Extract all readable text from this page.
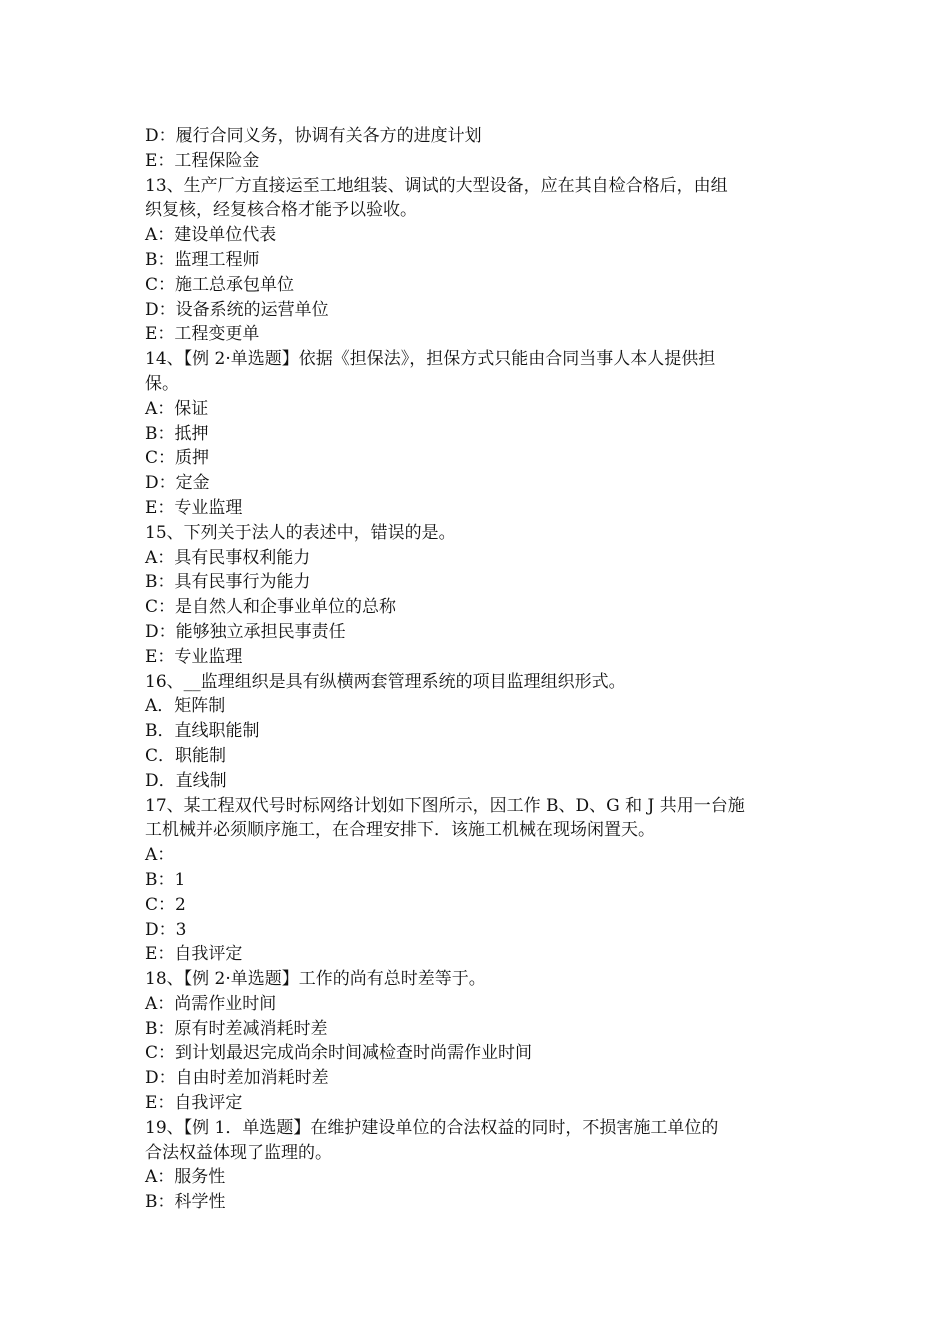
D：履行合同义务，协调有关各方的进度计划
E：工程保险金
13、生产厂方直接运至工地组装、调试的大型设备，应在其自检合格后，由组
织复核，经复核合格才能予以验收。
A：建设单位代表
B：监理工程师
C：施工总承包单位
D：设备系统的运营单位
E：工程变更单
14、【例 2·单选题】依据《担保法》，担保方式只能由合同当事人本人提供担
保。
A：保证
B：抵押
C：质押
D：定金
E：专业监理
15、下列关于法人的表述中，错误的是。
A：具有民事权利能力
B：具有民事行为能力
C：是自然人和企事业单位的总称
D：能够独立承担民事责任
E：专业监理
16、__监理组织是具有纵横两套管理系统的项目监理组织形式。
A．矩阵制
B．直线职能制
C．职能制
D．直线制
17、某工程双代号时标网络计划如下图所示，因工作 B、D、G 和 J 共用一台施
工机械并必须顺序施工，在合理安排下．该施工机械在现场闲置天。
A：
B：1
C：2
D：3
E：自我评定
18、【例 2·单选题】工作的尚有总时差等于。
A：尚需作业时间
B：原有时差减消耗时差
C：到计划最迟完成尚余时间减检查时尚需作业时间
D：自由时差加消耗时差
E：自我评定
19、【例 1．单选题】在维护建设单位的合法权益的同时，不损害施工单位的
合法权益体现了监理的。
A：服务性
B：科学性
